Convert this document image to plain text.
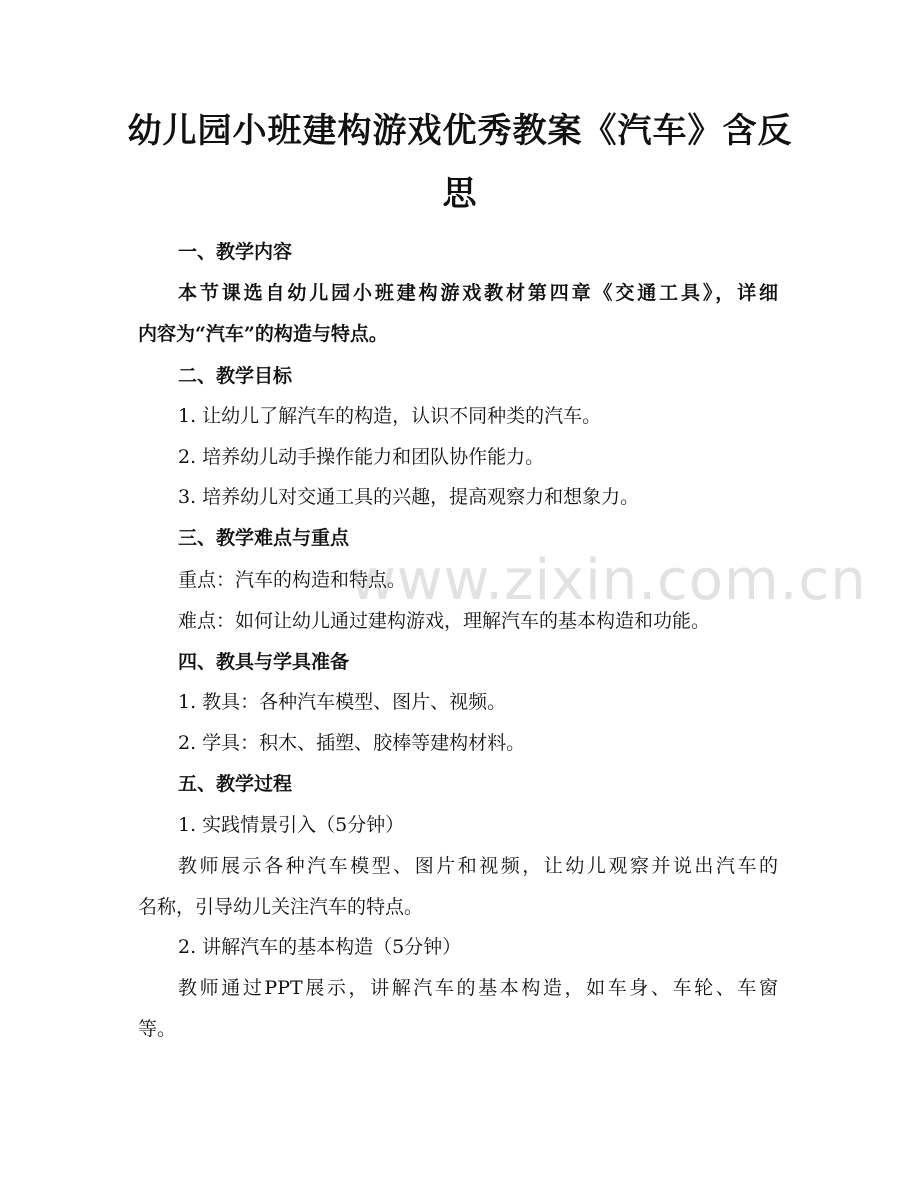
幼儿园小班建构游戏优秀教案《汽车》含反
思
www.zixin.com.cn

一、教学内容

本节课选自幼儿园小班建构游戏教材第四章《交通工具》，详细

内容为“汽车”的构造与特点。

二、教学目标

1. 让幼儿了解汽车的构造，认识不同种类的汽车。

2. 培养幼儿动手操作能力和团队协作能力。

3. 培养幼儿对交通工具的兴趣，提高观察力和想象力。

三、教学难点与重点

重点：汽车的构造和特点。

难点：如何让幼儿通过建构游戏，理解汽车的基本构造和功能。

四、教具与学具准备

1. 教具：各种汽车模型、图片、视频。

2. 学具：积木、插塑、胶棒等建构材料。

五、教学过程

1. 实践情景引入（5分钟）

教师展示各种汽车模型、图片和视频，让幼儿观察并说出汽车的

名称，引导幼儿关注汽车的特点。

2. 讲解汽车的基本构造（5分钟）

教师通过PPT展示，讲解汽车的基本构造，如车身、车轮、车窗

等。
